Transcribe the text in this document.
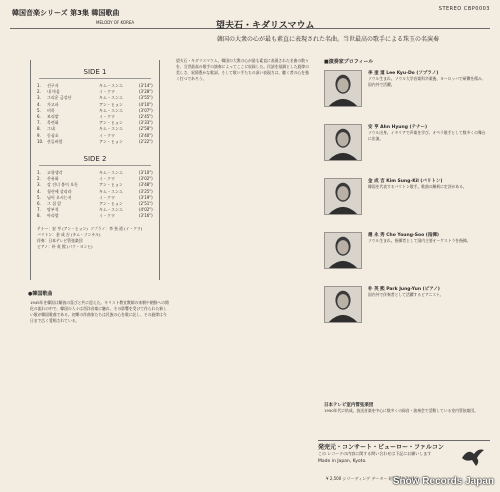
韓国音楽シリーズ 第3集 韓国歌曲
MELODY OF KOREA
STEREO CBP0003
望夫石・キダリスマウム
韓国の大衆の心が最も素直に表現された名曲。当世最高の歌手による珠玉の名演奏
SIDE 1
1.	선구자	キム・スンエ	(3'14")
2.	내 마음	イ・クワ	(3'28")
3.	그리운 금강산	キム・スンエ	(3'55")
4.	가고파	アン・ヒョン	(4'10")
5.	비목	キム・スンエ	(3'07")
6.	보리밭	イ・クワ	(2'45")
7.	목련화	アン・ヒョン	(3'33")
8.	그네	キム・スンエ	(2'58")
9.	동심초	イ・クワ	(3'40")
10. 산들바람	アン・ヒョン	(2'22")
SIDE 2
1.	고향생각	キム・スンエ	(3'10")
2.	산유화	イ・クワ	(3'02")
3.	강 건너 봄이 오듯	アン・ヒョン	(3'48")
4.	청산에 살리라	キム・スンエ	(3'25")
5.	님이 오시는지	イ・クワ	(3'19")
6.	그 집 앞	アン・ヒョン	(2'51")
7.	망부석	キム・スンエ	(4'02")
8.	아리랑	イ・クワ	(3'16")
テナー：安 亨 (アン・ヒョン)  ソプラノ：李 奎 道 (イ・クワ)
バリトン：金 成 吉 (キム・ソンキル)
伴奏：日本テレビ管弦楽団
ピアノ：朴 英 熙 (パク・ヨンヒ)
●韓国歌曲
1945年を韓国は解放の喜びと共に迎えた。キリスト教宣教師の来朝や朝鮮への開化の流れの中で、韓国の人々は西洋音楽に触れ、その影響を受けて作られた新しい歌が韓国歌曲である。初期の作曲家たちは民族の心を歌に託し、その旋律は今日まで広く愛唱されている。
望夫石・キダリスマウム。韓国の大衆の心が最も素直に表現された名曲の数々を、当世最高の歌手の演奏によってここに収録した。民謡を基調とした旋律の美しさ、叙情豊かな歌詞、そして歌い手たちの深い表現力は、聴く者の心を強く打つであろう。
■演奏家プロフィール
李 奎 道 Lee Kyu-Do (ソプラノ)
ソウル生まれ。ソウル大学音楽科卒業後、ヨーロッパで研鑽を積み、国内外で活躍。
安 亨 Ahn Hyung (テナー)
ソウル出身。イタリアで声楽を学び、オペラ歌手として数多くの舞台に出演。
金 成 吉 Kim Sung-Kil (バリトン)
韓国を代表するバリトン歌手。歌曲の解釈に定評がある。
趙 永 秀 Cho Young-Soo (指揮)
ソウル生まれ。指揮者として国内主要オーケストラを指揮。
朴 英 熙 Park Jung-Yun (ピアノ)
国内外で伴奏者として活躍するピアニスト。
日本テレビ室内管弦楽団
1950年代に結成。放送音楽を中心に数多くの録音・演奏会で活動している室内管弦楽団。
発売元・コンサート・ビューロー・ファルコン
この レコードの内容に関する問い合わせは下記にお願いします
Made in Japan, Kyoto.
¥ 2,500 シリーディング データー 昭和51年1月1日
Snow Records Japan
